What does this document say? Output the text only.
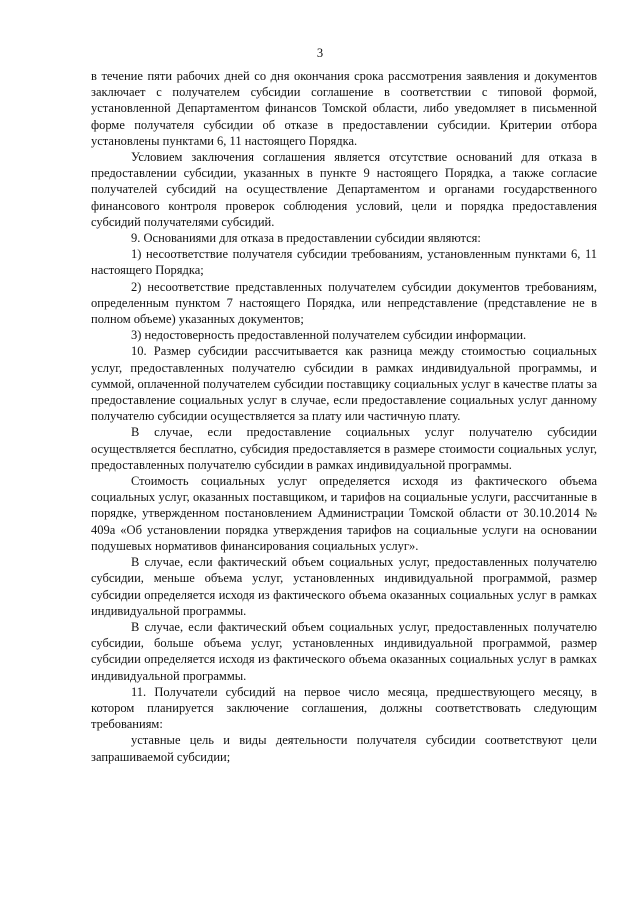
3

в течение пяти рабочих дней со дня окончания срока рассмотрения заявления и документов заключает с получателем субсидии соглашение в соответствии с типовой формой, установленной Департаментом финансов Томской области, либо уведомляет в письменной форме получателя субсидии об отказе в предоставлении субсидии. Критерии отбора установлены пунктами 6, 11 настоящего Порядка.

Условием заключения соглашения является отсутствие оснований для отказа в предоставлении субсидии, указанных в пункте 9 настоящего Порядка, а также согласие получателей субсидий на осуществление Департаментом и органами государственного финансового контроля проверок соблюдения условий, цели и порядка предоставления субсидий получателями субсидий.

9. Основаниями для отказа в предоставлении субсидии являются:

1) несоответствие получателя субсидии требованиям, установленным пунктами 6, 11 настоящего Порядка;

2) несоответствие представленных получателем субсидии документов требованиям, определенным пунктом 7 настоящего Порядка, или непредставление (представление не в полном объеме) указанных документов;

3) недостоверность предоставленной получателем субсидии информации.

10. Размер субсидии рассчитывается как разница между стоимостью социальных услуг, предоставленных получателю субсидии в рамках индивидуальной программы, и суммой, оплаченной получателем субсидии поставщику социальных услуг в качестве платы за предоставление социальных услуг в случае, если предоставление социальных услуг данному получателю субсидии осуществляется за плату или частичную плату.

В случае, если предоставление социальных услуг получателю субсидии осуществляется бесплатно, субсидия предоставляется в размере стоимости социальных услуг, предоставленных получателю субсидии в рамках индивидуальной программы.

Стоимость социальных услуг определяется исходя из фактического объема социальных услуг, оказанных поставщиком, и тарифов на социальные услуги, рассчитанные в порядке, утвержденном постановлением Администрации Томской области от 30.10.2014 № 409а «Об установлении порядка утверждения тарифов на социальные услуги на основании подушевых нормативов финансирования социальных услуг».

В случае, если фактический объем социальных услуг, предоставленных получателю субсидии, меньше объема услуг, установленных индивидуальной программой, размер субсидии определяется исходя из фактического объема оказанных социальных услуг в рамках индивидуальной программы.

В случае, если фактический объем социальных услуг, предоставленных получателю субсидии, больше объема услуг, установленных индивидуальной программой, размер субсидии определяется исходя из фактического объема оказанных социальных услуг в рамках индивидуальной программы.

11. Получатели субсидий на первое число месяца, предшествующего месяцу, в котором планируется заключение соглашения, должны соответствовать следующим требованиям:

уставные цель и виды деятельности получателя субсидии соответствуют цели запрашиваемой субсидии;
